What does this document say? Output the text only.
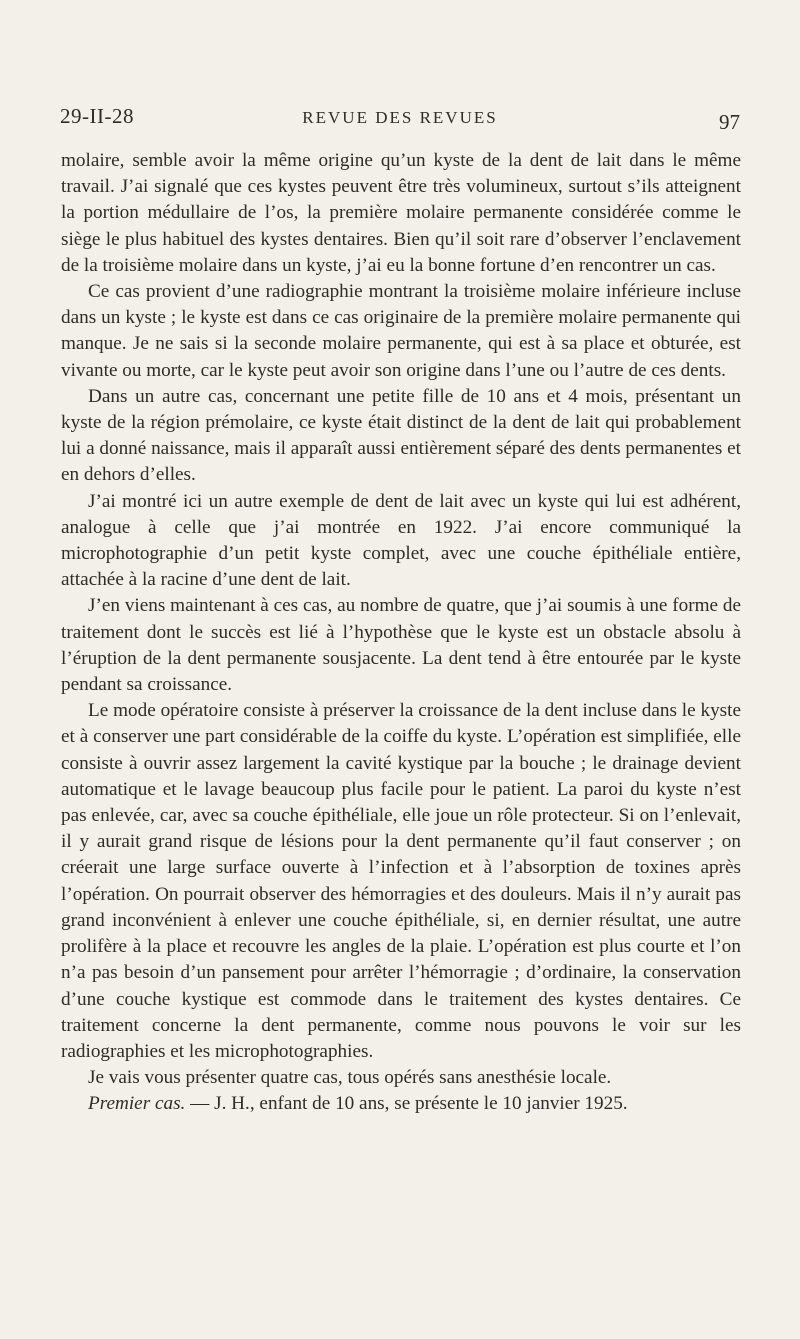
29-II-28	REVUE DES REVUES	97

molaire, semble avoir la même origine qu’un kyste de la dent de lait dans le même travail. J’ai signalé que ces kystes peuvent être très volumineux, surtout s’ils atteignent la portion médullaire de l’os, la première molaire permanente considérée comme le siège le plus habituel des kystes dentaires. Bien qu’il soit rare d’observer l’enclavement de la troisième molaire dans un kyste, j’ai eu la bonne fortune d’en rencontrer un cas.

Ce cas provient d’une radiographie montrant la troisième molaire inférieure incluse dans un kyste ; le kyste est dans ce cas originaire de la première molaire permanente qui manque. Je ne sais si la seconde molaire permanente, qui est à sa place et obturée, est vivante ou morte, car le kyste peut avoir son origine dans l’une ou l’autre de ces dents.

Dans un autre cas, concernant une petite fille de 10 ans et 4 mois, présentant un kyste de la région prémolaire, ce kyste était distinct de la dent de lait qui probablement lui a donné naissance, mais il apparaît aussi entièrement séparé des dents permanentes et en dehors d’elles.

J’ai montré ici un autre exemple de dent de lait avec un kyste qui lui est adhérent, analogue à celle que j’ai montrée en 1922. J’ai encore communiqué la microphotographie d’un petit kyste complet, avec une couche épithéliale entière, attachée à la racine d’une dent de lait.

J’en viens maintenant à ces cas, au nombre de quatre, que j’ai soumis à une forme de traitement dont le succès est lié à l’hypothèse que le kyste est un obstacle absolu à l’éruption de la dent permanente sousjacente. La dent tend à être entourée par le kyste pendant sa croissance.

Le mode opératoire consiste à préserver la croissance de la dent incluse dans le kyste et à conserver une part considérable de la coiffe du kyste. L’opération est simplifiée, elle consiste à ouvrir assez largement la cavité kystique par la bouche ; le drainage devient automatique et le lavage beaucoup plus facile pour le patient. La paroi du kyste n’est pas enlevée, car, avec sa couche épithéliale, elle joue un rôle protecteur. Si on l’enlevait, il y aurait grand risque de lésions pour la dent permanente qu’il faut conserver ; on créerait une large surface ouverte à l’infection et à l’absorption de toxines après l’opération. On pourrait observer des hémorragies et des douleurs. Mais il n’y aurait pas grand inconvénient à enlever une couche épithéliale, si, en dernier résultat, une autre prolifère à la place et recouvre les angles de la plaie. L’opération est plus courte et l’on n’a pas besoin d’un pansement pour arrêter l’hémorragie ; d’ordinaire, la conservation d’une couche kystique est commode dans le traitement des kystes dentaires. Ce traitement concerne la dent permanente, comme nous pouvons le voir sur les radiographies et les microphotographies.

Je vais vous présenter quatre cas, tous opérés sans anesthésie locale.

Premier cas. — J. H., enfant de 10 ans, se présente le 10 janvier 1925.
